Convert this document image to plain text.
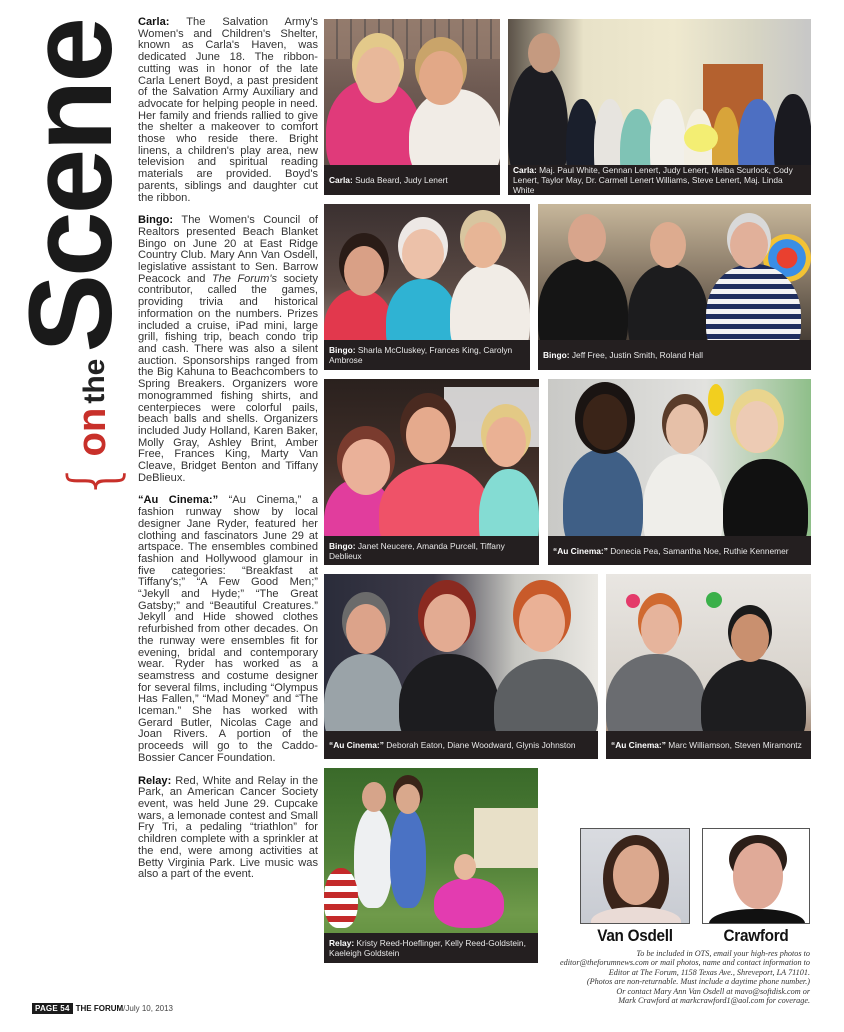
{
on
the
Scene Carla: The Salvation Army's Women's and Children's Shelter, known as Carla's Haven, was dedicated June 18. The ribbon-cutting was in honor of the late Carla Lenert Boyd, a past president of the Salvation Army Auxiliary and advocate for helping people in need. Her family and friends rallied to give the shelter a makeover to comfort those who reside there. Bright linens, a children's play area, new television and spiritual reading materials are provided. Boyd's parents, siblings and daughter cut the ribbon.

Bingo: The Women's Council of Realtors presented Beach Blanket Bingo on June 20 at East Ridge Country Club. Mary Ann Van Osdell, legislative assistant to Sen. Barrow Peacock and The Forum's society contributor, called the games, providing trivia and historical information on the numbers. Prizes included a cruise, iPad mini, large grill, fishing trip, beach condo trip and cash. There was also a silent auction. Sponsorships ranged from the Big Kahuna to Beachcombers to Spring Breakers. Organizers wore monogrammed fishing shirts, and centerpieces were colorful pails, beach balls and shells. Organizers included Judy Holland, Karen Baker, Molly Gray, Ashley Brint, Amber Free, Frances King, Marty Van Cleave, Bridget Benton and Tiffany DeBlieux.

“Au Cinema:” “Au Cinema,” a fashion runway show by local designer Jane Ryder, featured her clothing and fascinators June 29 at artspace. The ensembles combined fashion and Hollywood glamour in five categories: “Breakfast at Tiffany's;” “A Few Good Men;” “Jekyll and Hyde;” “The Great Gatsby;” and “Beautiful Creatures.” Jekyll and Hide showed clothes refurbished from other decades. On the runway were ensembles fit for evening, bridal and contemporary wear. Ryder has worked as a seamstress and costume designer for several films, including “Olympus Has Fallen,” “Mad Money” and “The Iceman.” She has worked with Gerard Butler, Nicolas Cage and Joan Rivers. A portion of the proceeds will go to the Caddo-Bossier Cancer Foundation.

Relay: Red, White and Relay in the Park, an American Cancer Society event, was held June 29. Cupcake wars, a lemonade contest and Small Fry Tri, a pedaling “triathlon” for children complete with a sprinkler at the end, were among activities at Betty Virginia Park. Live music was also a part of the event.

Carla: Suda Beard, Judy Lenert
Carla: Maj. Paul White, Gennan Lenert, Judy Lenert, Melba Scurlock, Cody Lenert, Taylor May, Dr. Carmell Lenert Williams, Steve Lenert, Maj. Linda White
Bingo: Sharla McCluskey, Frances King, Carolyn Ambrose	Bingo: Jeff Free, Justin Smith, Roland Hall
Bingo: Janet Neucere, Amanda Purcell, Tiffany Deblieux	“Au Cinema:” Donecia Pea, Samantha Noe, Ruthie Kennemer
“Au Cinema:” Deborah Eaton, Diane Woodward, Glynis Johnston	“Au Cinema:” Marc Williamson, Steven Miramontz
Relay: Kristy Reed-Hoeflinger, Kelly Reed-Goldstein, Kaeleigh Goldstein
Van Osdell	Crawford
To be included in OTS, email your high-res photos to
editor@theforumnews.com or mail photos, name and contact information to
Editor at The Forum, 1158 Texas Ave., Shreveport, LA 71101.
(Photos are non-returnable. Must include a daytime phone number.)
Or contact Mary Ann Van Osdell at mavo@softdisk.com or
Mark Crawford at markcrawford1@aol.com for coverage.
PAGE 54 THE FORUM /July 10, 2013
